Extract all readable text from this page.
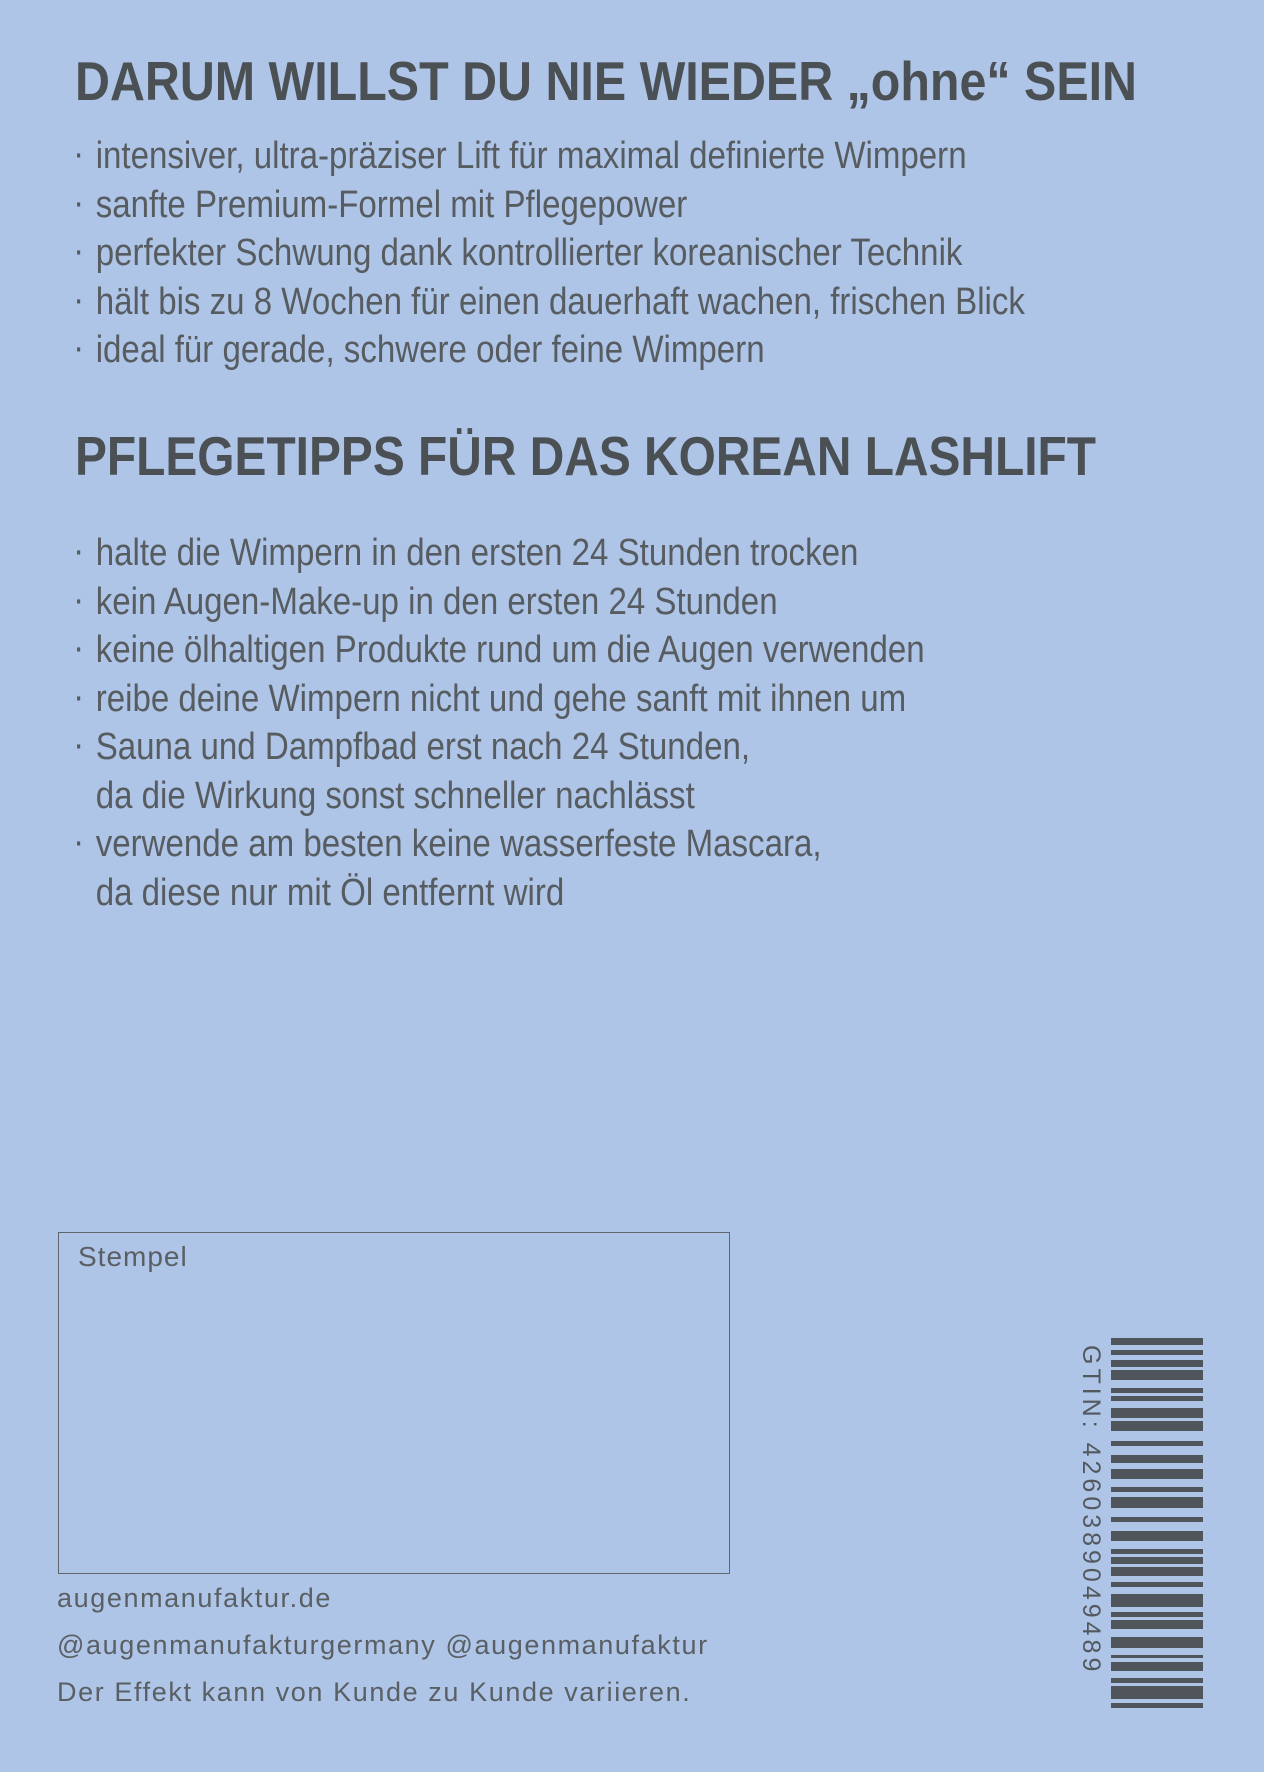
DARUM WILLST DU NIE WIEDER „ohne“ SEIN
· intensiver, ultra-präziser Lift für maximal definierte Wimpern
· sanfte Premium-Formel mit Pflegepower
· perfekter Schwung dank kontrollierter koreanischer Technik
· hält bis zu 8 Wochen für einen dauerhaft wachen, frischen Blick
· ideal für gerade, schwere oder feine Wimpern
PFLEGETIPPS FÜR DAS KOREAN LASHLIFT
· halte die Wimpern in den ersten 24 Stunden trocken
· kein Augen-Make-up in den ersten 24 Stunden
· keine ölhaltigen Produkte rund um die Augen verwenden
· reibe deine Wimpern nicht und gehe sanft mit ihnen um
· Sauna und Dampfbad erst nach 24 Stunden,
da die Wirkung sonst schneller nachlässt
· verwende am besten keine wasserfeste Mascara,
da diese nur mit Öl entfernt wird
Stempel
augenmanufaktur.de
@augenmanufakturgermany @augenmanufaktur
Der Effekt kann von Kunde zu Kunde variieren.
GTIN: 4260389049489
